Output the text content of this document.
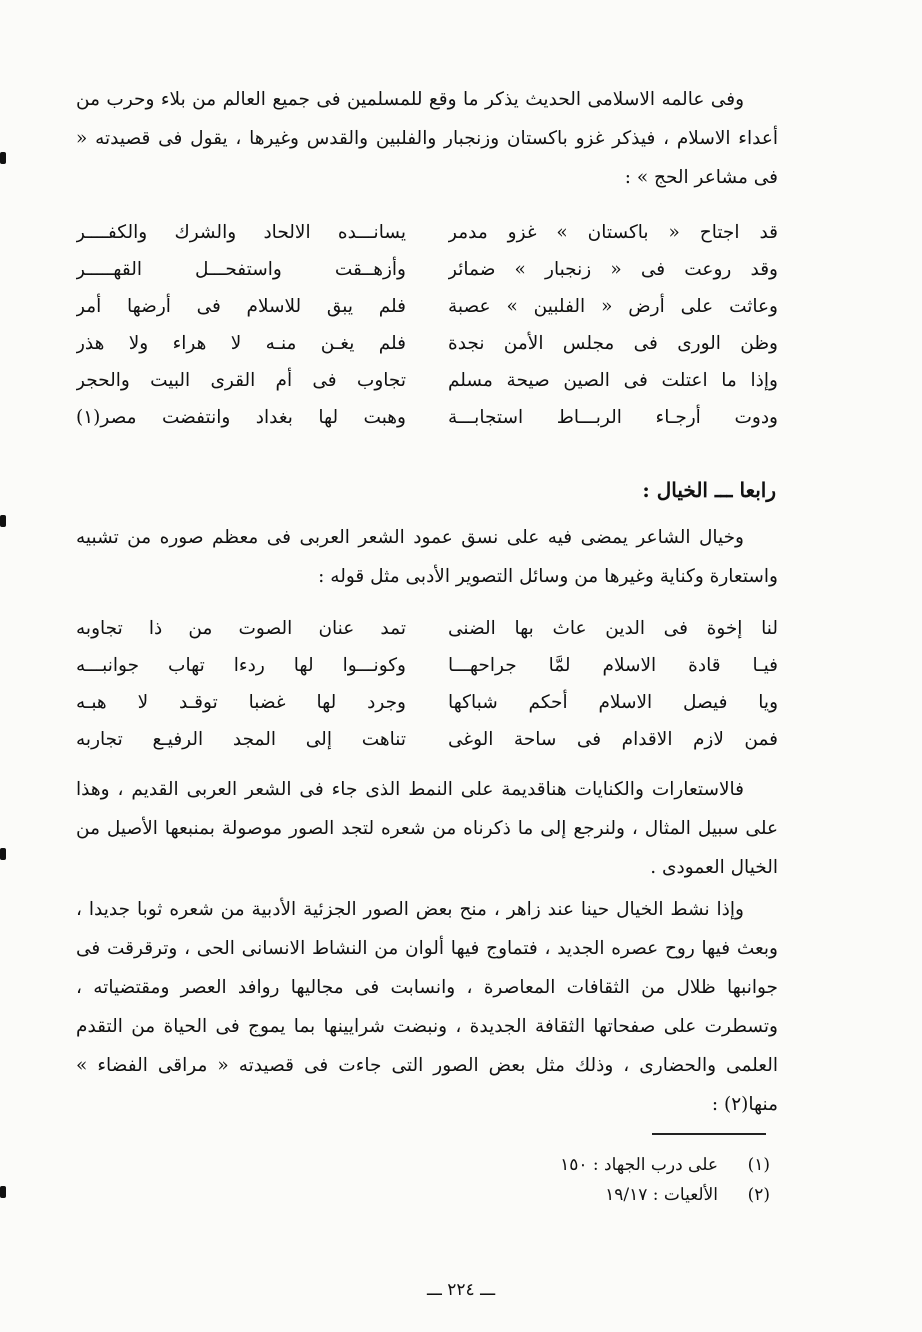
وفى عالمه الاسلامى الحديث يذكر ما وقع للمسلمين فى جميع العالم من بلاء وحرب من أعداء الاسلام ، فيذكر غزو باكستان وزنجبار والفلبين والقدس وغيرها ، يقول فى قصيدته « فى مشاعر الحج » :

قد اجتاح « باكستان » غزو مدمر
يسانـــده الالحاد والشرك والكفــــر
وقد روعت فى « زنجبار » ضمائر
وأزهــقت واستفحـــل القهـــــر
وعاثت على أرض « الفلبين » عصبة
فلم يبق للاسلام فى أرضها أمر
وظن الورى فى مجلس الأمن نجدة
فلم يغـن منـه لا هراء ولا هذر
وإذا ما اعتلت فى الصين صيحة مسلم
تجاوب فى أم القرى البيت والحجر
ودوت أرجـاء الربـــاط استجابـــة
وهبت لها بغداد وانتفضت مصر(١)
رابعا ـــ الخيال :

وخيال الشاعر يمضى فيه على نسق عمود الشعر العربى فى معظم صوره من تشبيه واستعارة وكناية وغيرها من وسائل التصوير الأدبى مثل قوله :

لنا إخوة فى الدين عاث بها الضنى
تمد عنان الصوت من ذا تجاوبه
فيـا قادة الاسلام لمَّا جراحهـــا
وكونـــوا لها ردءا تهاب جوانبـــه
ويا فيصل الاسلام أحكم شباكها
وجرد لها غضبا توقـد لا هبـه
فمن لازم الاقدام فى ساحة الوغى
تناهت إلى المجد الرفيـع تجاربه

فالاستعارات والكنايات هناقديمة على النمط الذى جاء فى الشعر العربى القديم ، وهذا على سبيل المثال ، ولنرجع إلى ما ذكرناه من شعره لتجد الصور موصولة بمنبعها الأصيل من الخيال العمودى .

وإذا نشط الخيال حينا عند زاهر ، منح بعض الصور الجزئية الأدبية من شعره ثوبا جديدا ، وبعث فيها روح عصره الجديد ، فتماوج فيها ألوان من النشاط الانسانى الحى ، وترقرقت فى جوانبها ظلال من الثقافات المعاصرة ، وانسابت فى مجاليها روافد العصر ومقتضياته ، وتسطرت على صفحاتها الثقافة الجديدة ، ونبضت شرايينها بما يموج فى الحياة من التقدم العلمى والحضارى ، وذلك مثل بعض الصور التى جاءت فى قصيدته « مراقى الفضاء » منها(٢) :

(١)على درب الجهاد : ١٥٠
(٢)الألعيات : ١٩/١٧
ـــ ٢٢٤ ـــ
